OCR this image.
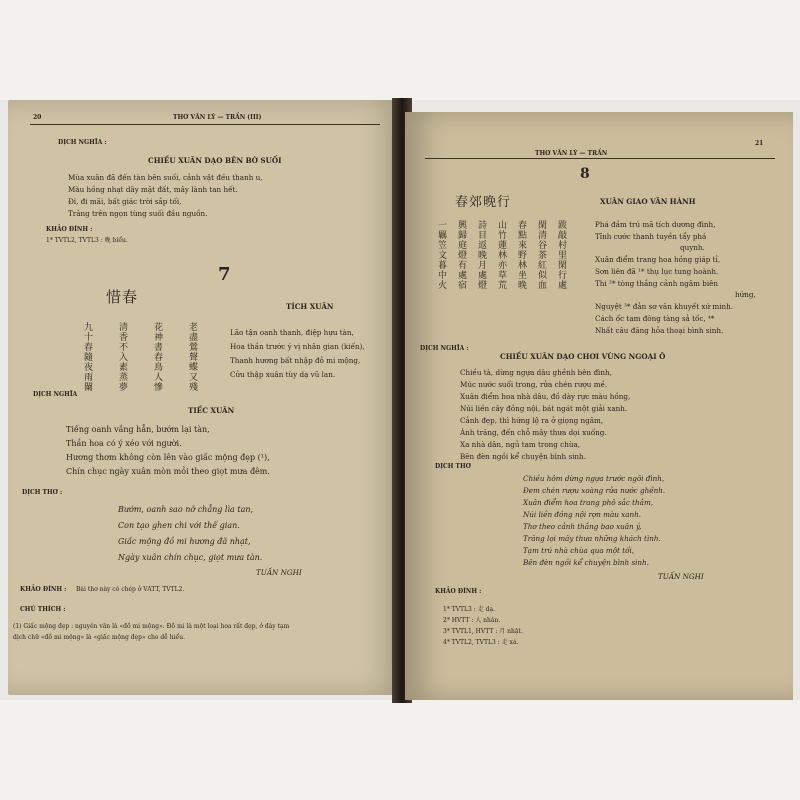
20	THƠ VĂN LÝ — TRẦN (III)
DỊCH NGHĨA :
CHIỀU XUÂN DẠO BÊN BỜ SUỐI
Mùa xuân đã đến tàn bên suối, cảnh vật đều thanh u,
Màu hồng nhạt dãy mặt đất, mây lành tan hết.
Đi, đi mãi, bất giác trời sắp tối,
Trăng trên ngọn tùng suối đầu nguồn.
KHẢO ĐÍNH :
1* TVTL2, TVTL3 : 晚 biểu.
7
惜春
TÍCH XUÂN
老盡鶯聲蝶又殘
花神書春鳥人慘
清香不入素蒸夢
九十春隨夜雨闌	Lão tận oanh thanh, điệp hựu tàn,
Hoa thần trước ý vị nhân gian (kiến),
Thanh hương bất nhập đỏ mi mộng,
Cửu thập xuân tùy dạ vũ lan.
DỊCH NGHĨA
TIẾC XUÂN
Tiếng oanh vắng hẳn, bướm lại tàn,
Thần hoa có ý xéo với người.
Hương thơm không còn lên vào giấc mộng đẹp (¹),
Chín chục ngày xuân mòn mỏi theo giọt mưa đêm.
DỊCH THƠ :
Bướm, oanh sao nỡ chẳng lìa tan,
Con tạo ghen chi với thế gian.
Giấc mộng đồ mi hương đã nhạt,
Ngày xuân chín chục, giọt mưa tàn.
TUẤN NGHI
KHẢO ĐÍNH : Bài thơ này có chép ở VATT, TVTL2.
CHÚ THÍCH :
(1) Giấc mộng đẹp : nguyên văn là «đồ mi mộng». Đồ mi là một loại hoa rất đẹp, ở đây tạm
dịch chữ «đồ mi mộng» là «giấc mộng đẹp» cho dễ hiểu.
THƠ VĂN LÝ — TRẦN
21
8
春郊晚行	XUÂN GIAO VÃN HÀNH
跋敲村里閑行處
閑清谷茶紅似血
春點來野林坐晚
山竹蓮林亦草荒
詩目返晚月處燈
興歸庭燈有處宿
一羈笠文暮中火	Phá đầm trú mã tích dương đình,
Tĩnh cước thanh tuyền tẩy phá
quynh.
Xuân điểm trang hoa hồng giáp tỉ,
Sơn liên đã ¹* thụ lục tung hoành.
Thi ²* tòng thắng cảnh ngâm biên
hứng,
Nguyệt ³* đản sơ vân khuyết xứ minh.
Cách ốc tam đông tàng sả tốc, ⁴*
Nhất câu đăng hỏa thoại bình sinh.
DỊCH NGHĨA :
CHIỀU XUÂN DẠO CHƠI VÙNG NGOẠI Ô
Chiều tà, dừng ngựa dâu ghềnh bên đình,
Múc nước suối trong, rửa chén rượu mề.
Xuân điểm hoa nhà dâu, đồ dày rực màu hồng,
Núi liền cây đồng nội, bát ngát một giải xanh.
Cảnh đẹp, thì hứng lộ ra ở giọng ngâm,
Ánh trăng, đến chỗ mây thưa dọi xuống.
Xa nhà dân, ngủ tam trong chùa,
Bên đèn ngồi kể chuyện bình sinh.
DỊCH THƠ
Chiều hôm dừng ngựa trước ngôi đình,
Đem chén rượu xoàng rửa nước ghềnh.
Xuân điểm hoa trang phô sắc thắm,
Núi liền đồng nội rợn màu xanh.
Thơ theo cảnh thắng bao xuân ý,
Trăng lọi mây thưa những khách tình.
Tạm trú nhà chùa qua một tối,
Bên đèn ngồi kể chuyện bình sinh.
TUẤN NGHI
KHẢO ĐÍNH :
1* TVTL3 : 走 dạ.
2* HVTT : 人 nhân.
3* TVTL1, HVTT : 月 nhật.
4* TVTL2, TVTL3 : 走 xá.
